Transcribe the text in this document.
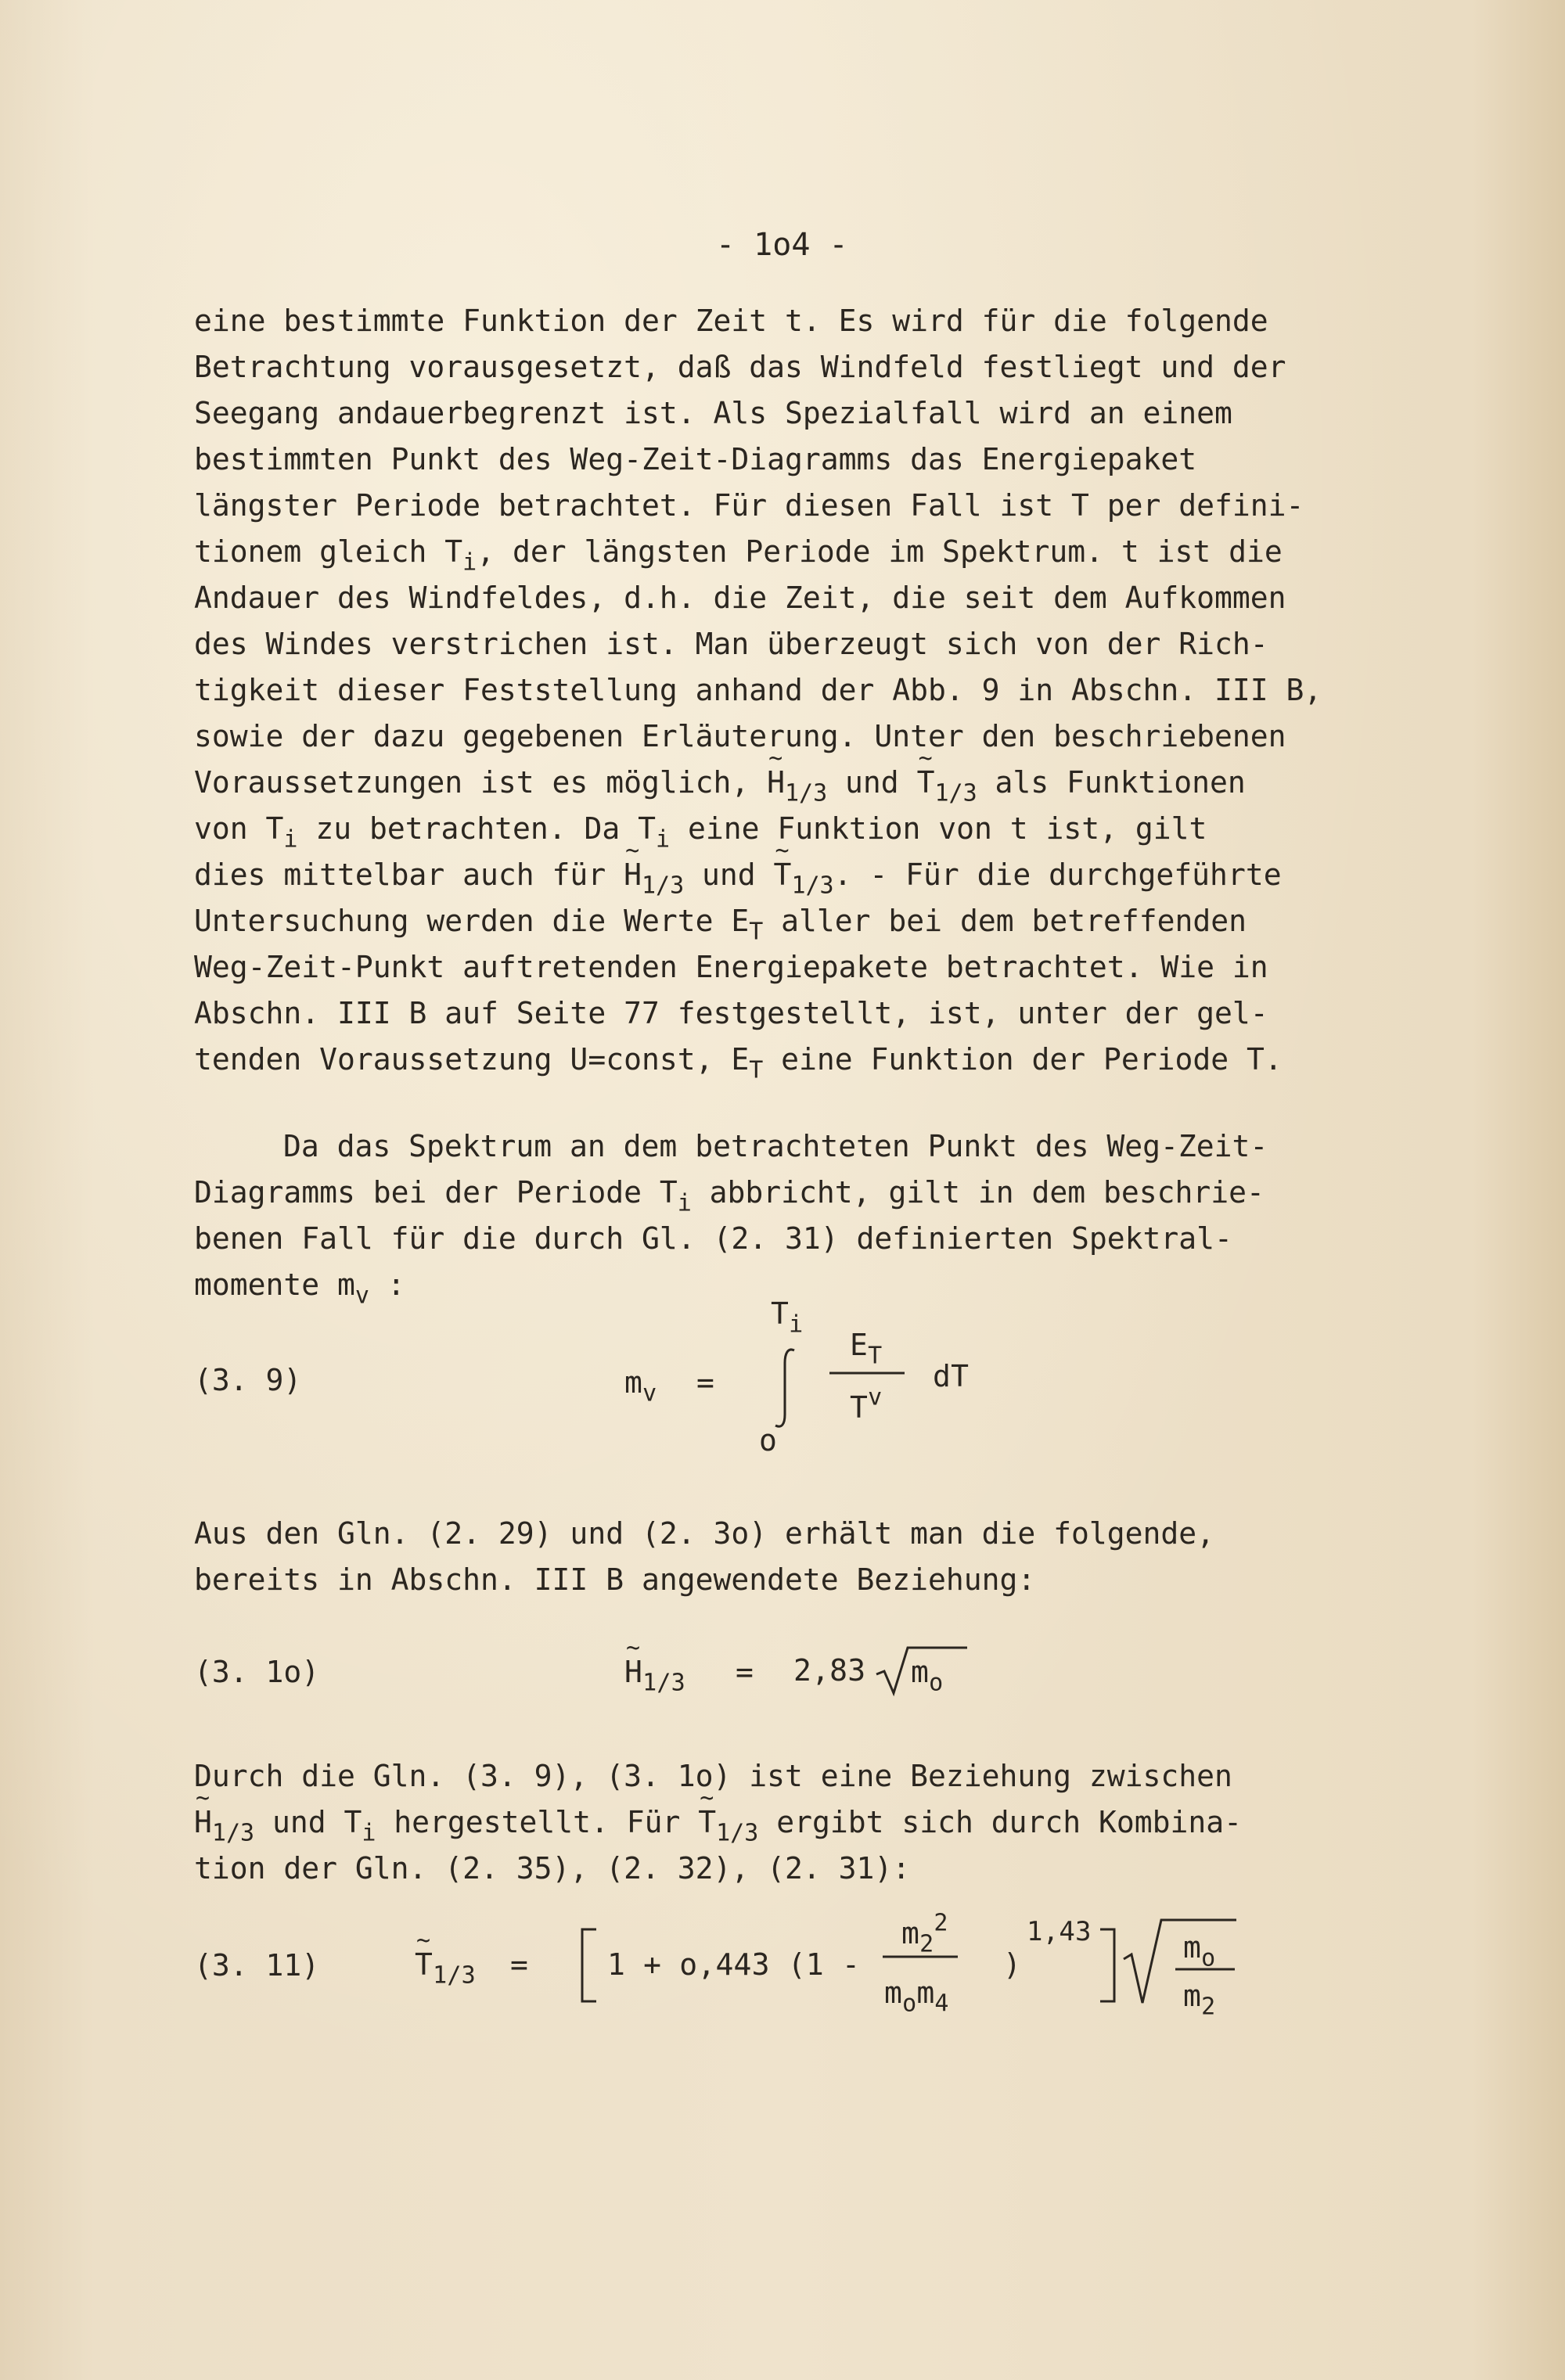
- 1o4 -
eine bestimmte Funktion der Zeit t. Es wird für die folgende
Betrachtung vorausgesetzt, daß das Windfeld festliegt und der
Seegang andauerbegrenzt ist. Als Spezialfall wird an einem
bestimmten Punkt des Weg-Zeit-Diagramms das Energiepaket
längster Periode betrachtet. Für diesen Fall ist T per defini-
tionem gleich $T_i$, der längsten Periode im Spektrum. t ist die
Andauer des Windfeldes, d.h. die Zeit, die seit dem Aufkommen
des Windes verstrichen ist. Man überzeugt sich von der Rich-
tigkeit dieser Feststellung anhand der Abb. 9 in Abschn. III B,
sowie der dazu gegebenen Erläuterung. Unter den beschriebenen
Voraussetzungen ist es möglich, ~ $H_{1/3}$ und ~ $T_{1/3}$ als Funktionen
von $T_i$ zu betrachten. Da $T_i$ eine Funktion von t ist, gilt
dies mittelbar auch für ~ $H_{1/3}$ und ~ $T_{1/3}$. - Für die durchgeführte
Untersuchung werden die Werte $E_T$ aller bei dem betreffenden
Weg-Zeit-Punkt auftretenden Energiepakete betrachtet. Wie in
Abschn. III B auf Seite 77 festgestellt, ist, unter der gel-
tenden Voraussetzung U=const, $E_T$ eine Funktion der Periode T.
Da das Spektrum an dem betrachteten Punkt des Weg-Zeit-
Diagramms bei der Periode $T_i$ abbricht, gilt in dem beschrie-
benen Fall für die durch Gl. (2. 31) definierten Spektral-
momente $m_v$ :
(3. 9)	$m_v$ =
$T_i$
o
$E_T$
$T^v$
dT
Aus den Gln. (2. 29) und (2. 3o) erhält man die folgende,
bereits in Abschn. III B angewendete Beziehung:
(3. 1o)	~ $H_{1/3} = 2,83$ $m_o$
Durch die Gln. (3. 9), (3. 1o) ist eine Beziehung zwischen
~ $H_{1/3}$ und $T_i$ hergestellt. Für ~ $T_{1/3}$ ergibt sich durch Kombina-
tion der Gln. (2. 35), (2. 32), (2. 31):
(3. 11)	~ $T_{1/3}$ =	1 + o,443 (1 -
$m_2^2$
$m_om_4$
)
1,43	$m_o$
$m_2$
